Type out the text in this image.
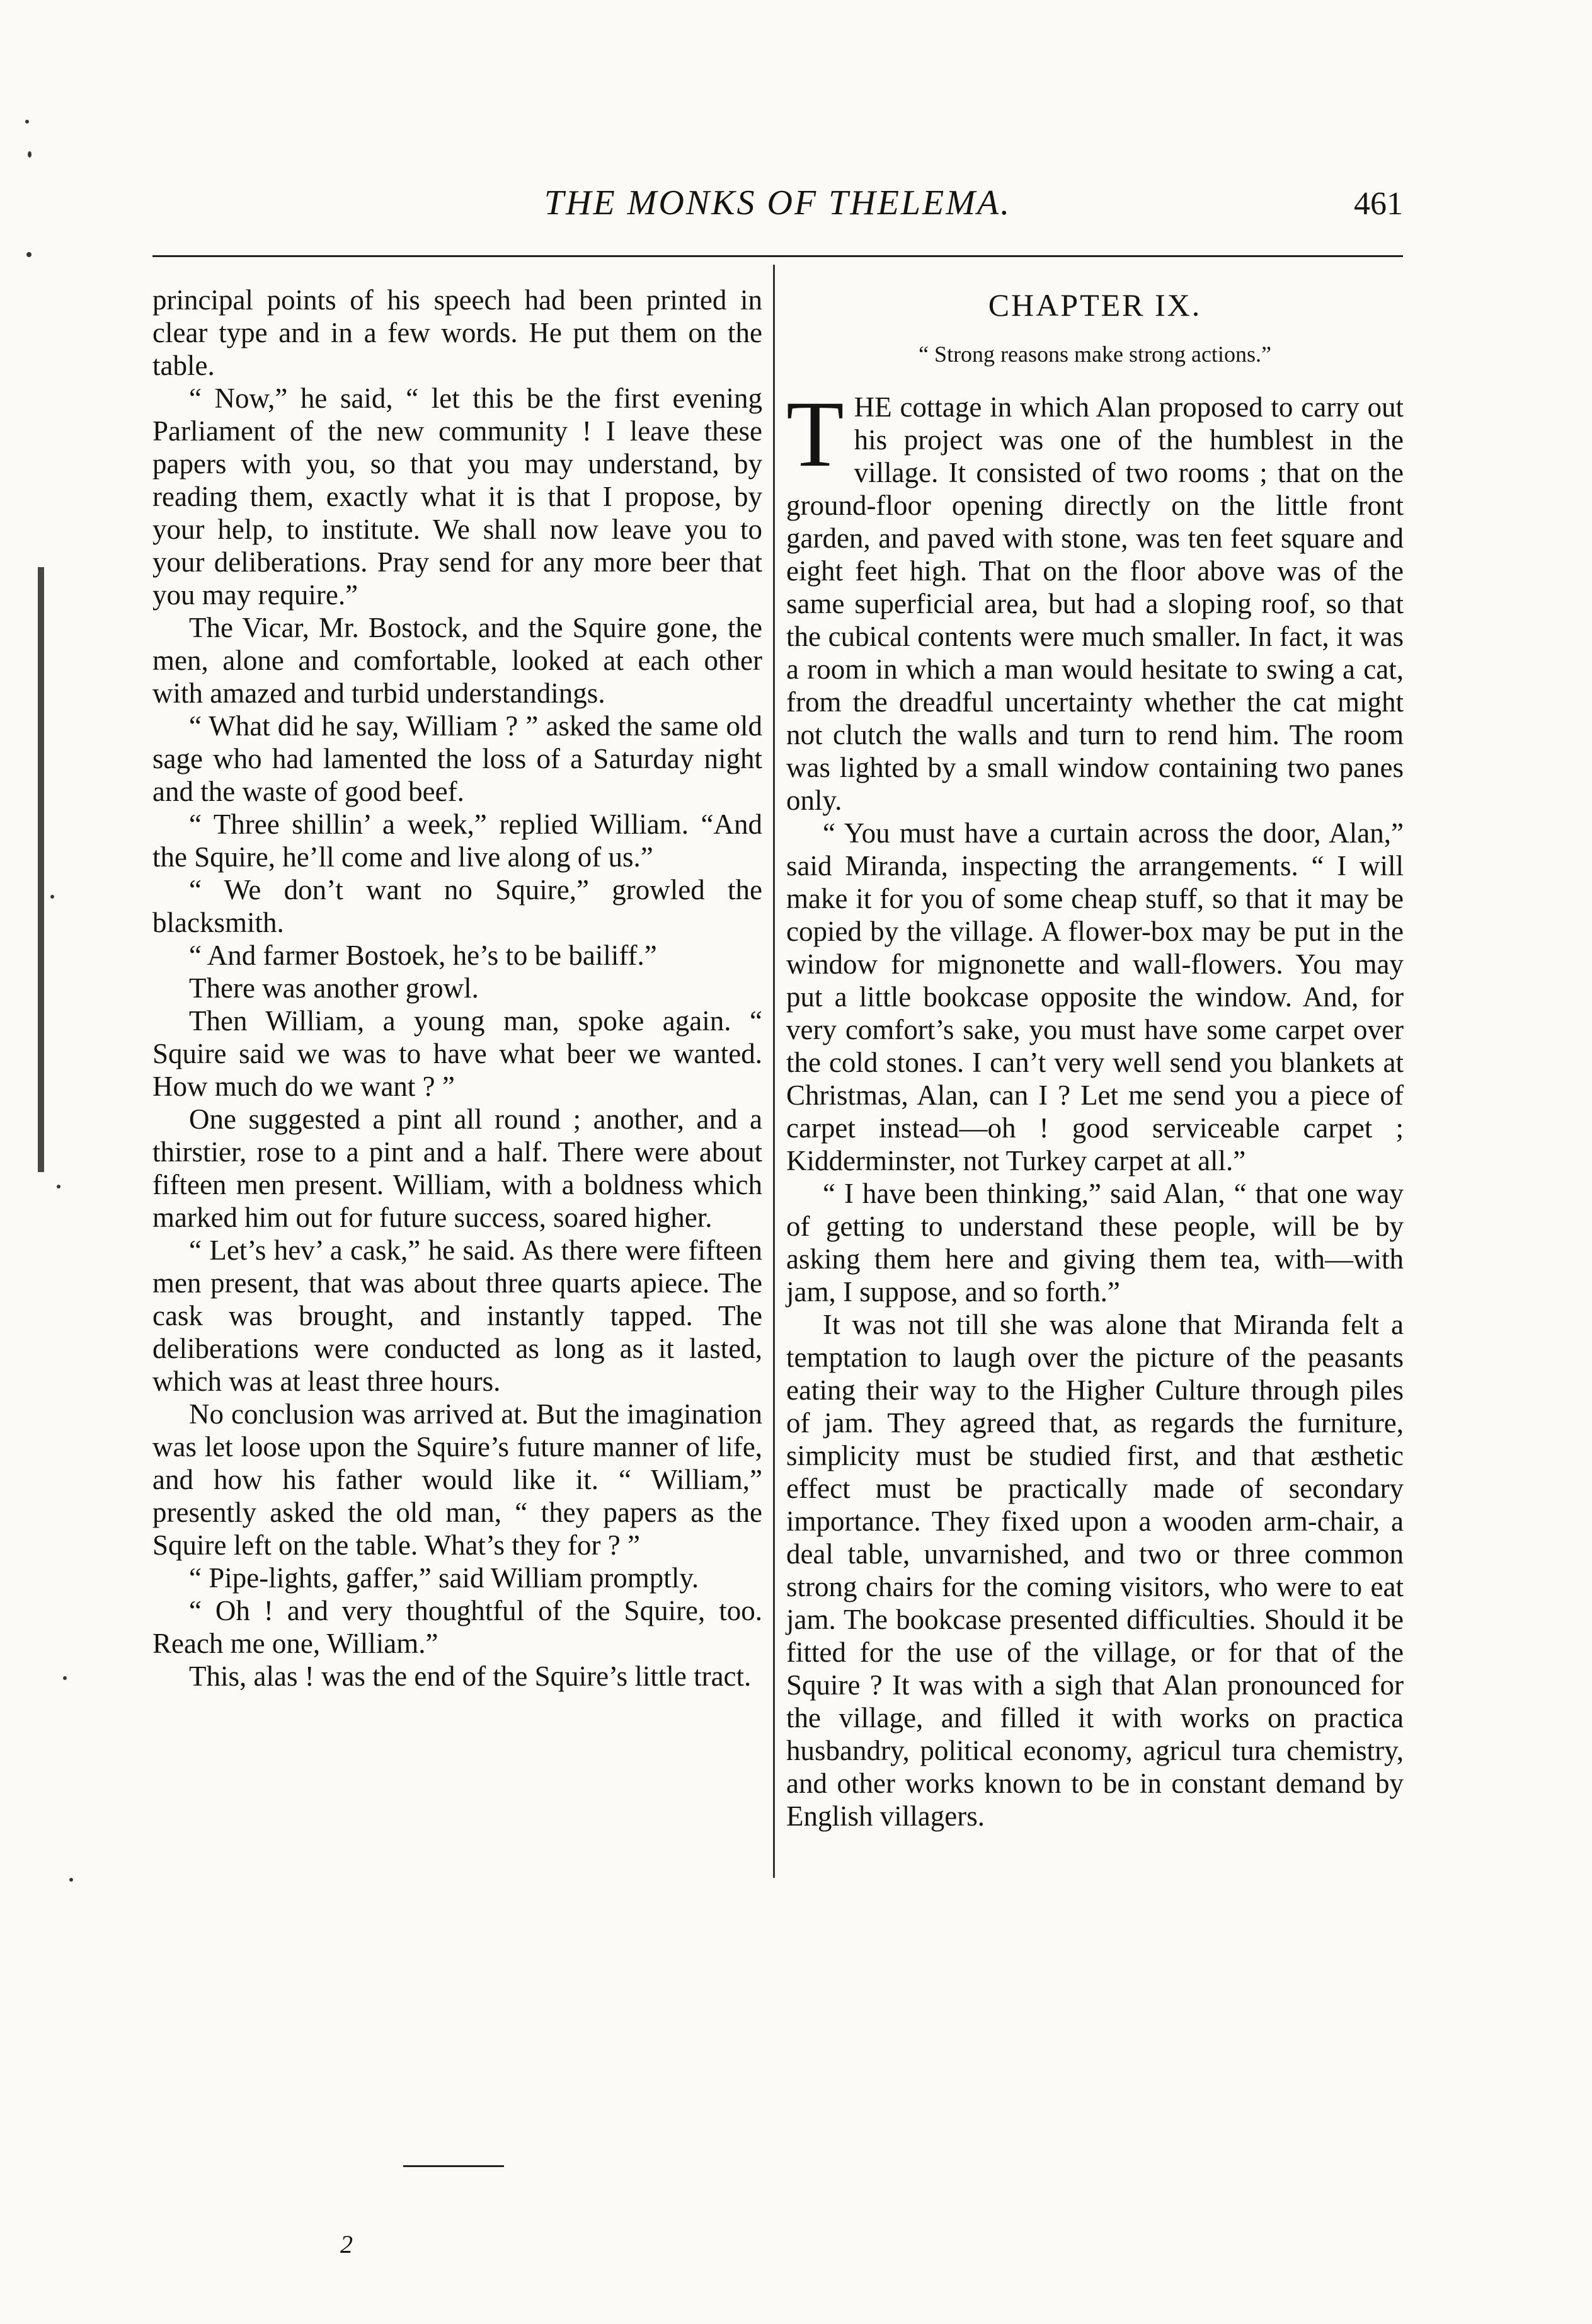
THE MONKS OF THELEMA.	461

principal points of his speech had been printed in clear type and in a few words. He put them on the table.

“ Now,” he said, “ let this be the first evening Parliament of the new community ! I leave these papers with you, so that you may understand, by reading them, exactly what it is that I propose, by your help, to institute. We shall now leave you to your deliberations. Pray send for any more beer that you may require.”

The Vicar, Mr. Bostock, and the Squire gone, the men, alone and comfortable, looked at each other with amazed and turbid understandings.

“ What did he say, William ? ” asked the same old sage who had lamented the loss of a Saturday night and the waste of good beef.

“ Three shillin’ a week,” replied William. “And the Squire, he’ll come and live along of us.”

“ We don’t want no Squire,” growled the blacksmith.

“ And farmer Bostoek, he’s to be bailiff.”

There was another growl.

Then William, a young man, spoke again. “ Squire said we was to have what beer we wanted. How much do we want ? ”

One suggested a pint all round ; another, and a thirstier, rose to a pint and a half. There were about fifteen men present. William, with a boldness which marked him out for future success, soared higher.

“ Let’s hev’ a cask,” he said. As there were fifteen men present, that was about three quarts apiece. The cask was brought, and instantly tapped. The deliberations were conducted as long as it lasted, which was at least three hours.

No conclusion was arrived at. But the imagination was let loose upon the Squire’s future manner of life, and how his father would like it. “ William,” presently asked the old man, “ they papers as the Squire left on the table. What’s they for ? ”

“ Pipe-lights, gaffer,” said William promptly.

“ Oh ! and very thoughtful of the Squire, too. Reach me one, William.”

This, alas ! was the end of the Squire’s little tract.

CHAPTER IX.
“ Strong reasons make strong actions.”

THE cottage in which Alan proposed to carry out his project was one of the humblest in the village. It consisted of two rooms ; that on the ground-floor opening directly on the little front garden, and paved with stone, was ten feet square and eight feet high. That on the floor above was of the same superficial area, but had a sloping roof, so that the cubical contents were much smaller. In fact, it was a room in which a man would hesitate to swing a cat, from the dreadful uncertainty whether the cat might not clutch the walls and turn to rend him. The room was lighted by a small window containing two panes only.

“ You must have a curtain across the door, Alan,” said Miranda, inspecting the arrangements. “ I will make it for you of some cheap stuff, so that it may be copied by the village. A flower-box may be put in the window for mignonette and wall-flowers. You may put a little bookcase opposite the window. And, for very comfort’s sake, you must have some carpet over the cold stones. I can’t very well send you blankets at Christmas, Alan, can I ? Let me send you a piece of carpet instead—oh ! good serviceable carpet ; Kidderminster, not Turkey carpet at all.”

“ I have been thinking,” said Alan, “ that one way of getting to understand these people, will be by asking them here and giving them tea, with—with jam, I suppose, and so forth.”

It was not till she was alone that Miranda felt a temptation to laugh over the picture of the peasants eating their way to the Higher Culture through piles of jam. They agreed that, as regards the furniture, simplicity must be studied first, and that æsthetic effect must be practically made of secondary importance. They fixed upon a wooden arm-chair, a deal table, unvarnished, and two or three common strong chairs for the coming visitors, who were to eat jam. The bookcase presented difficulties. Should it be fitted for the use of the village, or for that of the Squire ? It was with a sigh that Alan pronounced for the village, and filled it with works on practica husbandry, political economy, agricul tura chemistry, and other works known to be in constant demand by English villagers.

2
